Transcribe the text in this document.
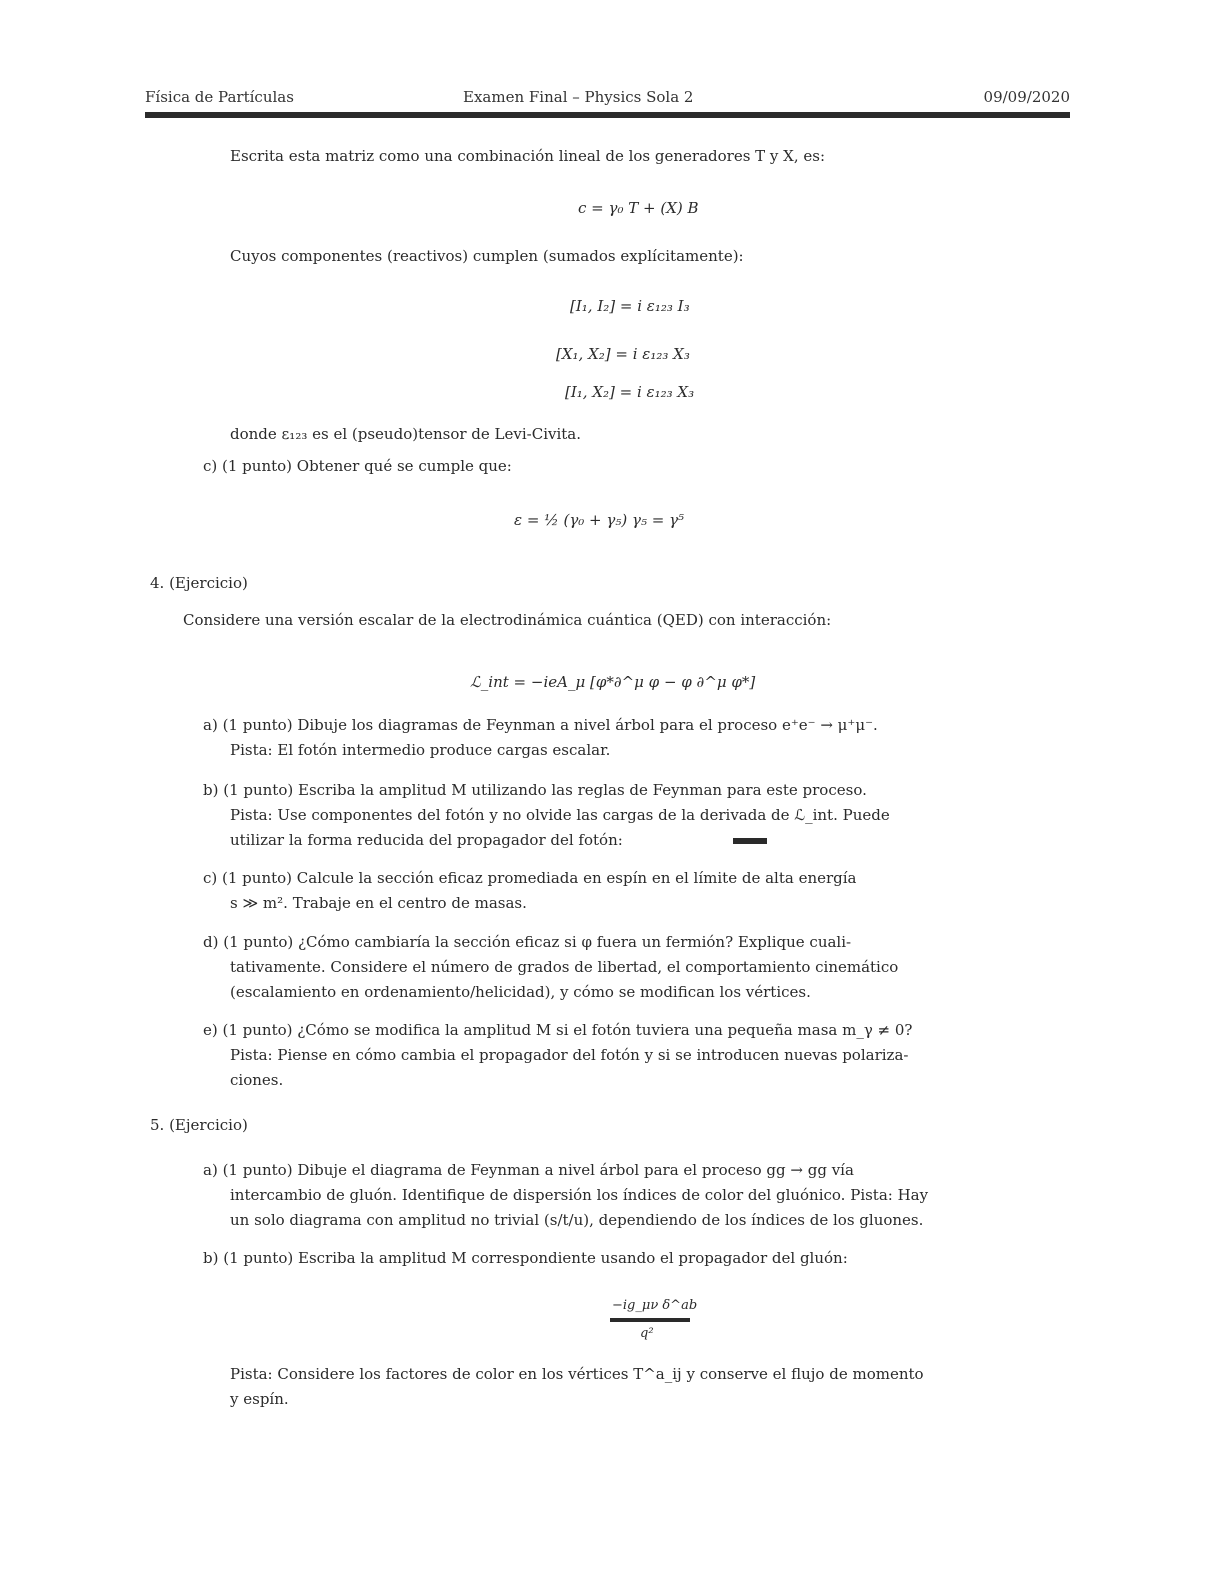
Física de Partículas	Examen Final – Physics Sola 2	09/09/2020
Escrita esta matriz como una combinación lineal de los generadores T y X, es:
c = γ₀ T + (X) B
Cuyos componentes (reactivos) cumplen (sumados explícitamente):
[I₁, I₂] = i ε₁₂₃ I₃
[X₁, X₂] = i ε₁₂₃ X₃
[I₁, X₂] = i ε₁₂₃ X₃
donde ε₁₂₃ es el (pseudo)tensor de Levi-Civita.
c) (1 punto) Obtener qué se cumple que:
ε = ½ (γ₀ + γ₅) γ₅ = γ⁵
4. (Ejercicio)
Considere una versión escalar de la electrodinámica cuántica (QED) con interacción:
ℒ_int = −ieA_μ [φ*∂^μ φ − φ ∂^μ φ*]
a) (1 punto) Dibuje los diagramas de Feynman a nivel árbol para el proceso e⁺e⁻ → μ⁺μ⁻.
Pista: El fotón intermedio produce cargas escalar.
b) (1 punto) Escriba la amplitud M utilizando las reglas de Feynman para este proceso.
Pista: Use componentes del fotón y no olvide las cargas de la derivada de ℒ_int. Puede
utilizar la forma reducida del propagador del fotón:
c) (1 punto) Calcule la sección eficaz promediada en espín en el límite de alta energía
s ≫ m². Trabaje en el centro de masas.
d) (1 punto) ¿Cómo cambiaría la sección eficaz si φ fuera un fermión? Explique cuali-
tativamente. Considere el número de grados de libertad, el comportamiento cinemático
(escalamiento en ordenamiento/helicidad), y cómo se modifican los vértices.
e) (1 punto) ¿Cómo se modifica la amplitud M si el fotón tuviera una pequeña masa m_γ ≠ 0?
Pista: Piense en cómo cambia el propagador del fotón y si se introducen nuevas polariza-
ciones.
5. (Ejercicio)
a) (1 punto) Dibuje el diagrama de Feynman a nivel árbol para el proceso gg → gg vía
intercambio de gluón. Identifique de dispersión los índices de color del gluónico. Pista: Hay
un solo diagrama con amplitud no trivial (s/t/u), dependiendo de los índices de los gluones.
b) (1 punto) Escriba la amplitud M correspondiente usando el propagador del gluón:
−ig_μν δ^ab
q²
Pista: Considere los factores de color en los vértices T^a_ij y conserve el flujo de momento
y espín.
